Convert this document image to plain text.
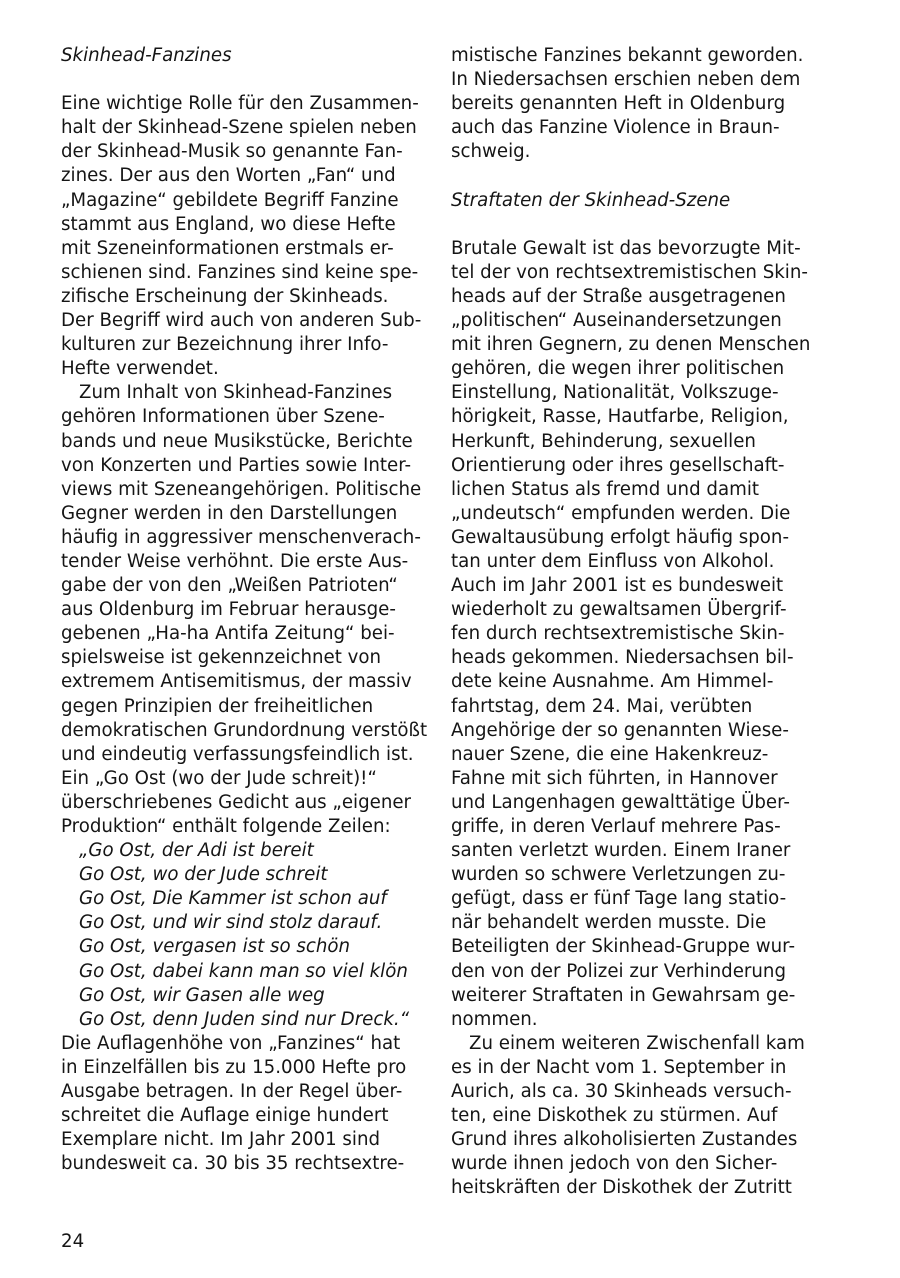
Skinhead-Fanzines
Eine wichtige Rolle für den Zusammen-
halt der Skinhead-Szene spielen neben
der Skinhead-Musik so genannte Fan-
zines. Der aus den Worten „Fan“ und
„Magazine“ gebildete Begriff Fanzine
stammt aus England, wo diese Hefte
mit Szeneinformationen erstmals er-
schienen sind. Fanzines sind keine spe-
zifische Erscheinung der Skinheads.
Der Begriff wird auch von anderen Sub-
kulturen zur Bezeichnung ihrer Info-
Hefte verwendet.
Zum Inhalt von Skinhead-Fanzines
gehören Informationen über Szene-
bands und neue Musikstücke, Berichte
von Konzerten und Parties sowie Inter-
views mit Szeneangehörigen. Politische
Gegner werden in den Darstellungen
häufig in aggressiver menschenverach-
tender Weise verhöhnt. Die erste Aus-
gabe der von den „Weißen Patrioten“
aus Oldenburg im Februar herausge-
gebenen „Ha-ha Antifa Zeitung“ bei-
spielsweise ist gekennzeichnet von
extremem Antisemitismus, der massiv
gegen Prinzipien der freiheitlichen
demokratischen Grundordnung verstößt
und eindeutig verfassungsfeindlich ist.
Ein „Go Ost (wo der Jude schreit)!“
überschriebenes Gedicht aus „eigener
Produktion“ enthält folgende Zeilen:
„Go Ost, der Adi ist bereit
Go Ost, wo der Jude schreit
Go Ost, Die Kammer ist schon auf
Go Ost, und wir sind stolz darauf.
Go Ost, vergasen ist so schön
Go Ost, dabei kann man so viel klön
Go Ost, wir Gasen alle weg
Go Ost, denn Juden sind nur Dreck.“
Die Auflagenhöhe von „Fanzines“ hat
in Einzelfällen bis zu 15.000 Hefte pro
Ausgabe betragen. In der Regel über-
schreitet die Auflage einige hundert
Exemplare nicht. Im Jahr 2001 sind
bundesweit ca. 30 bis 35 rechtsextre-
mistische Fanzines bekannt geworden.
In Niedersachsen erschien neben dem
bereits genannten Heft in Oldenburg
auch das Fanzine Violence in Braun-
schweig.
Straftaten der Skinhead-Szene
Brutale Gewalt ist das bevorzugte Mit-
tel der von rechtsextremistischen Skin-
heads auf der Straße ausgetragenen
„politischen“ Auseinandersetzungen
mit ihren Gegnern, zu denen Menschen
gehören, die wegen ihrer politischen
Einstellung, Nationalität, Volkszuge-
hörigkeit, Rasse, Hautfarbe, Religion,
Herkunft, Behinderung, sexuellen
Orientierung oder ihres gesellschaft-
lichen Status als fremd und damit
„undeutsch“ empfunden werden. Die
Gewaltausübung erfolgt häufig spon-
tan unter dem Einfluss von Alkohol.
Auch im Jahr 2001 ist es bundesweit
wiederholt zu gewaltsamen Übergrif-
fen durch rechtsextremistische Skin-
heads gekommen. Niedersachsen bil-
dete keine Ausnahme. Am Himmel-
fahrtstag, dem 24. Mai, verübten
Angehörige der so genannten Wiese-
nauer Szene, die eine Hakenkreuz-
Fahne mit sich führten, in Hannover
und Langenhagen gewalttätige Über-
griffe, in deren Verlauf mehrere Pas-
santen verletzt wurden. Einem Iraner
wurden so schwere Verletzungen zu-
gefügt, dass er fünf Tage lang statio-
när behandelt werden musste. Die
Beteiligten der Skinhead-Gruppe wur-
den von der Polizei zur Verhinderung
weiterer Straftaten in Gewahrsam ge-
nommen.
Zu einem weiteren Zwischenfall kam
es in der Nacht vom 1. September in
Aurich, als ca. 30 Skinheads versuch-
ten, eine Diskothek zu stürmen. Auf
Grund ihres alkoholisierten Zustandes
wurde ihnen jedoch von den Sicher-
heitskräften der Diskothek der Zutritt
24
